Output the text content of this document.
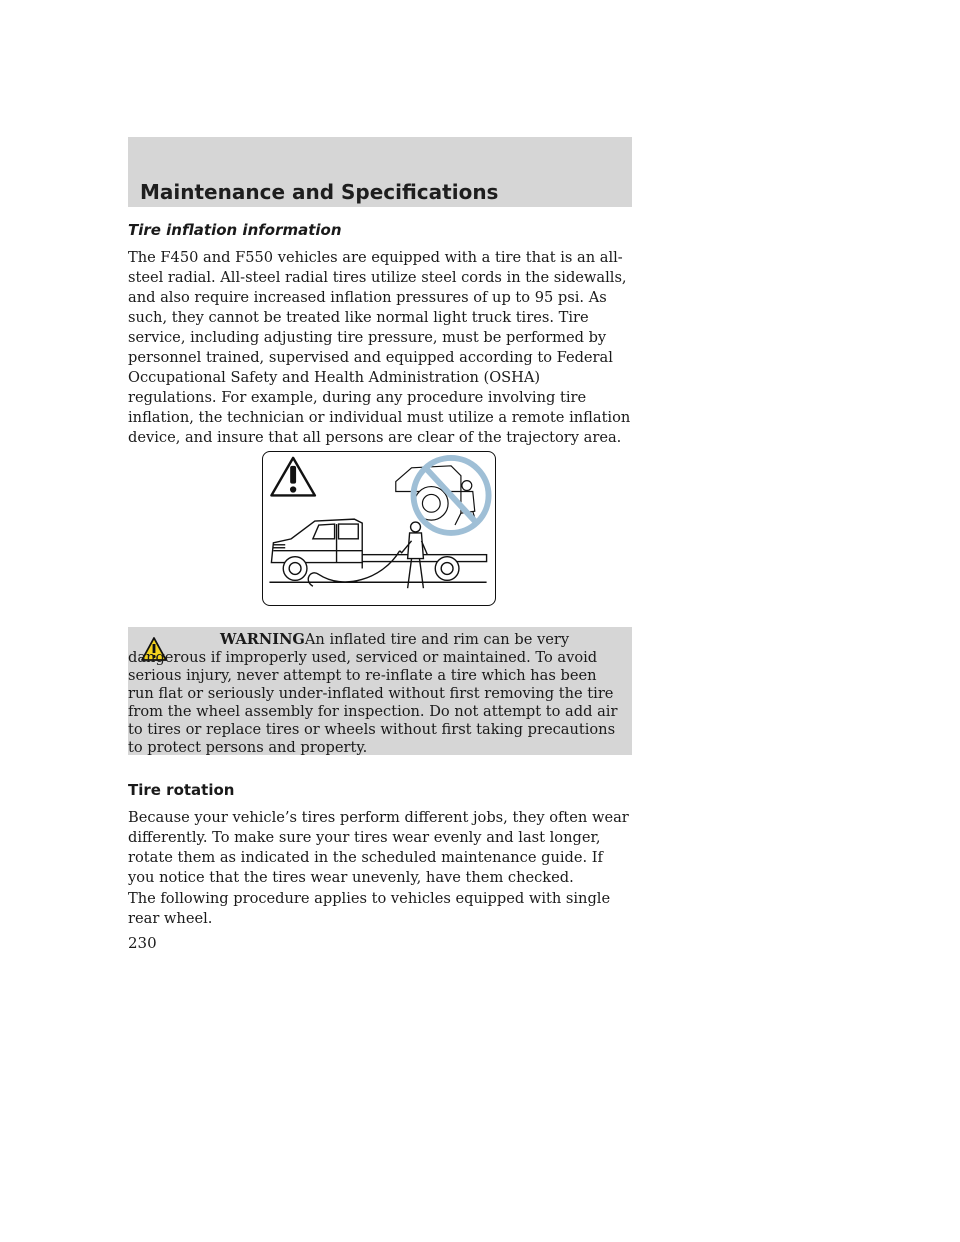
Maintenance and Specifications
Tire inflation information

The F450 and F550 vehicles are equipped with a tire that is an all-steel radial. All-steel radial tires utilize steel cords in the sidewalls, and also require increased inflation pressures of up to 95 psi. As such, they cannot be treated like normal light truck tires. Tire service, including adjusting tire pressure, must be performed by personnel trained, supervised and equipped according to Federal Occupational Safety and Health Administration (OSHA) regulations. For example, during any procedure involving tire inflation, the technician or individual must utilize a remote inflation device, and insure that all persons are clear of the trajectory area.

WARNINGAn inflated tire and rim can be very dangerous if improperly used, serviced or maintained. To avoid serious injury, never attempt to re-inflate a tire which has been run flat or seriously under-inflated without first removing the tire from the wheel assembly for inspection. Do not attempt to add air to tires or replace tires or wheels without first taking precautions to protect persons and property.

Tire rotation

Because your vehicle’s tires perform different jobs, they often wear differently. To make sure your tires wear evenly and last longer, rotate them as indicated in the scheduled maintenance guide. If you notice that the tires wear unevenly, have them checked.

The following procedure applies to vehicles equipped with single rear wheel.

230
